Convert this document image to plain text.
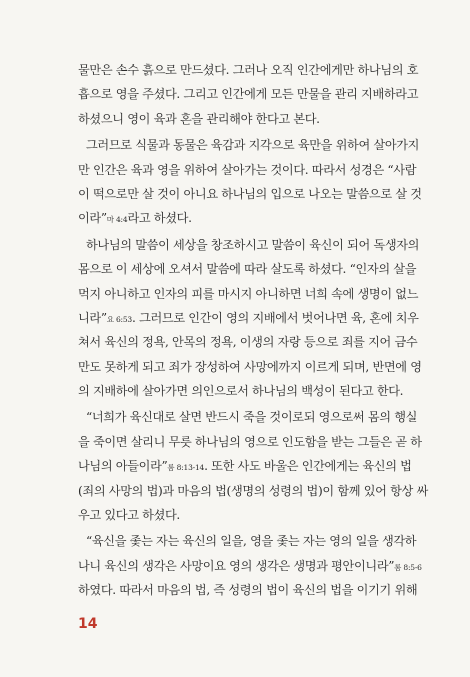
물만은 손수 흙으로 만드셨다. 그러나 오직 인간에게만 하나님의 호
흡으로 영을 주셨다. 그리고 인간에게 모든 만물을 관리 지배하라고
하셨으니 영이 육과 혼을 관리해야 한다고 본다.
그러므로 식물과 동물은 육감과 지각으로 육만을 위하여 살아가지
만 인간은 육과 영을 위하여 살아가는 것이다. 따라서 성경은 “사람
이 떡으로만 살 것이 아니요 하나님의 입으로 나오는 말씀으로 살 것
이라”마 4:4라고 하셨다.
하나님의 말씀이 세상을 창조하시고 말씀이 육신이 되어 독생자의
몸으로 이 세상에 오셔서 말씀에 따라 살도록 하셨다. “인자의 살을
먹지 아니하고 인자의 피를 마시지 아니하면 너희 속에 생명이 없느
니라”요 6:53. 그러므로 인간이 영의 지배에서 벗어나면 육, 혼에 치우
쳐서 육신의 정욕, 안목의 정욕, 이생의 자랑 등으로 죄를 지어 금수
만도 못하게 되고 죄가 장성하여 사망에까지 이르게 되며, 반면에 영
의 지배하에 살아가면 의인으로서 하나님의 백성이 된다고 한다.
“너희가 육신대로 살면 반드시 죽을 것이로되 영으로써 몸의 행실
을 죽이면 살리니 무릇 하나님의 영으로 인도함을 받는 그들은 곧 하
나님의 아들이라”롬 8:13-14. 또한 사도 바울은 인간에게는 육신의 법
(죄의 사망의 법)과 마음의 법(생명의 성령의 법)이 함께 있어 항상 싸
우고 있다고 하셨다.
“육신을 좇는 자는 육신의 일을, 영을 좇는 자는 영의 일을 생각하
나니 육신의 생각은 사망이요 영의 생각은 생명과 평안이니라”롬 8:5-6
하였다. 따라서 마음의 법, 즉 성령의 법이 육신의 법을 이기기 위해
14
